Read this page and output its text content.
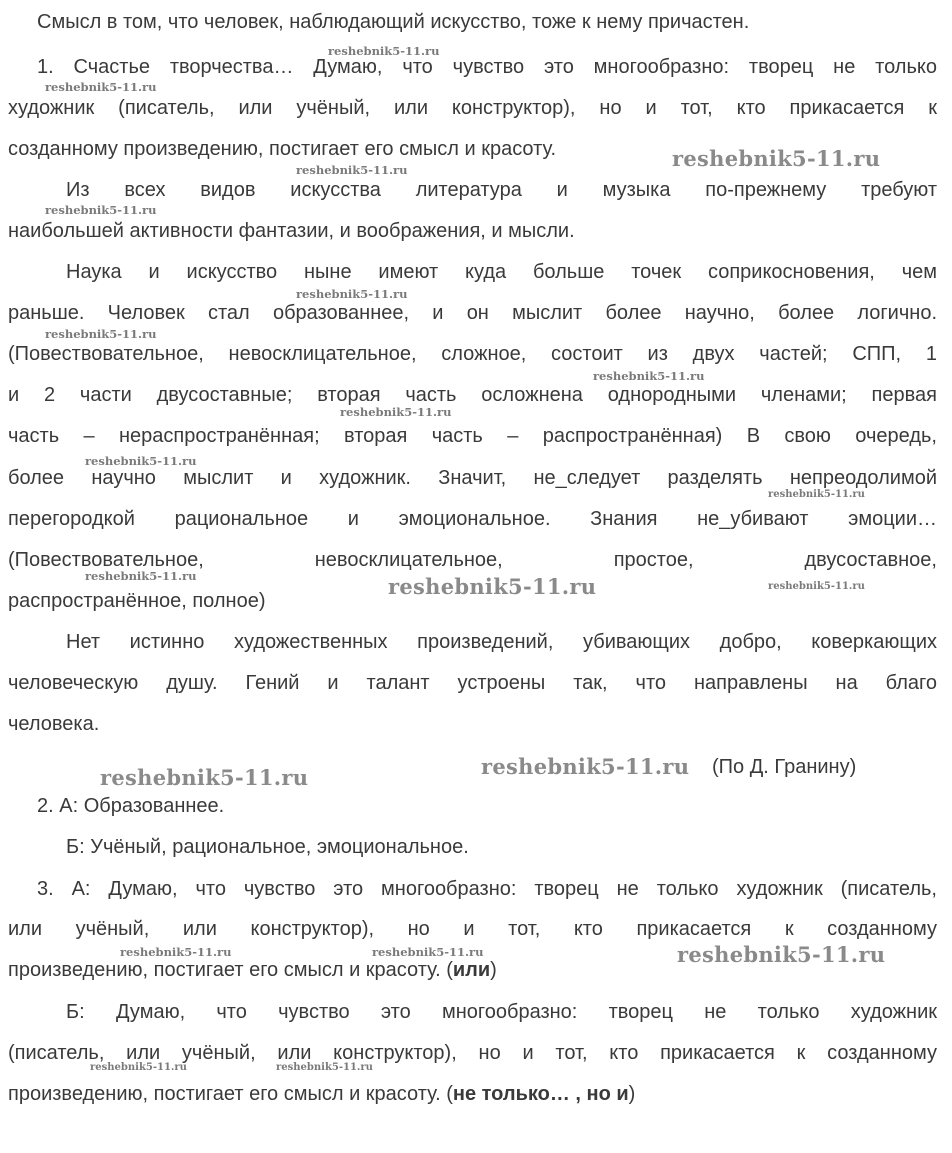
reshebnik5-11.ru
reshebnik5-11.ru
reshebnik5-11.ru
reshebnik5-11.ru
reshebnik5-11.ru
reshebnik5-11.ru
reshebnik5-11.ru
reshebnik5-11.ru
reshebnik5-11.ru
reshebnik5-11.ru
reshebnik5-11.ru
reshebnik5-11.ru	reshebnik5-11.ru	reshebnik5-11.ru
reshebnik5-11.ru	reshebnik5-11.ru
reshebnik5-11.ru	reshebnik5-11.ru	reshebnik5-11.ru
reshebnik5-11.ru	reshebnik5-11.ru
Смысл в том, что человек, наблюдающий искусство, тоже к нему причастен.
1. Счастье творчества… Думаю, что чувство это многообразно: творец не только
художник (писатель, или учёный, или конструктор), но и тот, кто прикасается к
созданному произведению, постигает его смысл и красоту.
Из всех видов искусства литература и музыка по-прежнему требуют
наибольшей активности фантазии, и воображения, и мысли.
Наука и искусство ныне имеют куда больше точек соприкосновения, чем
раньше. Человек стал образованнее, и он мыслит более научно, более логично.
(Повествовательное, невосклицательное, сложное, состоит из двух частей; СПП, 1
и 2 части двусоставные; вторая часть осложнена однородными членами; первая
часть – нераспространённая; вторая часть – распространённая) В свою очередь,
более научно мыслит и художник. Значит, не_следует разделять непреодолимой
перегородкой рациональное и эмоциональное. Знания не_убивают эмоции…
(Повествовательное, невосклицательное, простое, двусоставное,
распространённое, полное)
Нет истинно художественных произведений, убивающих добро, коверкающих
человеческую душу. Гений и талант устроены так, что направлены на благо
человека.
(По Д. Гранину)
2. А: Образованнее.
Б: Учёный, рациональное, эмоциональное.
3. А: Думаю, что чувство это многообразно: творец не только художник (писатель,
или учёный, или конструктор), но и тот, кто прикасается к созданному
произведению, постигает его смысл и красоту. (или)
Б: Думаю, что чувство это многообразно: творец не только художник
(писатель, или учёный, или конструктор), но и тот, кто прикасается к созданному
произведению, постигает его смысл и красоту. (не только… , но и)
